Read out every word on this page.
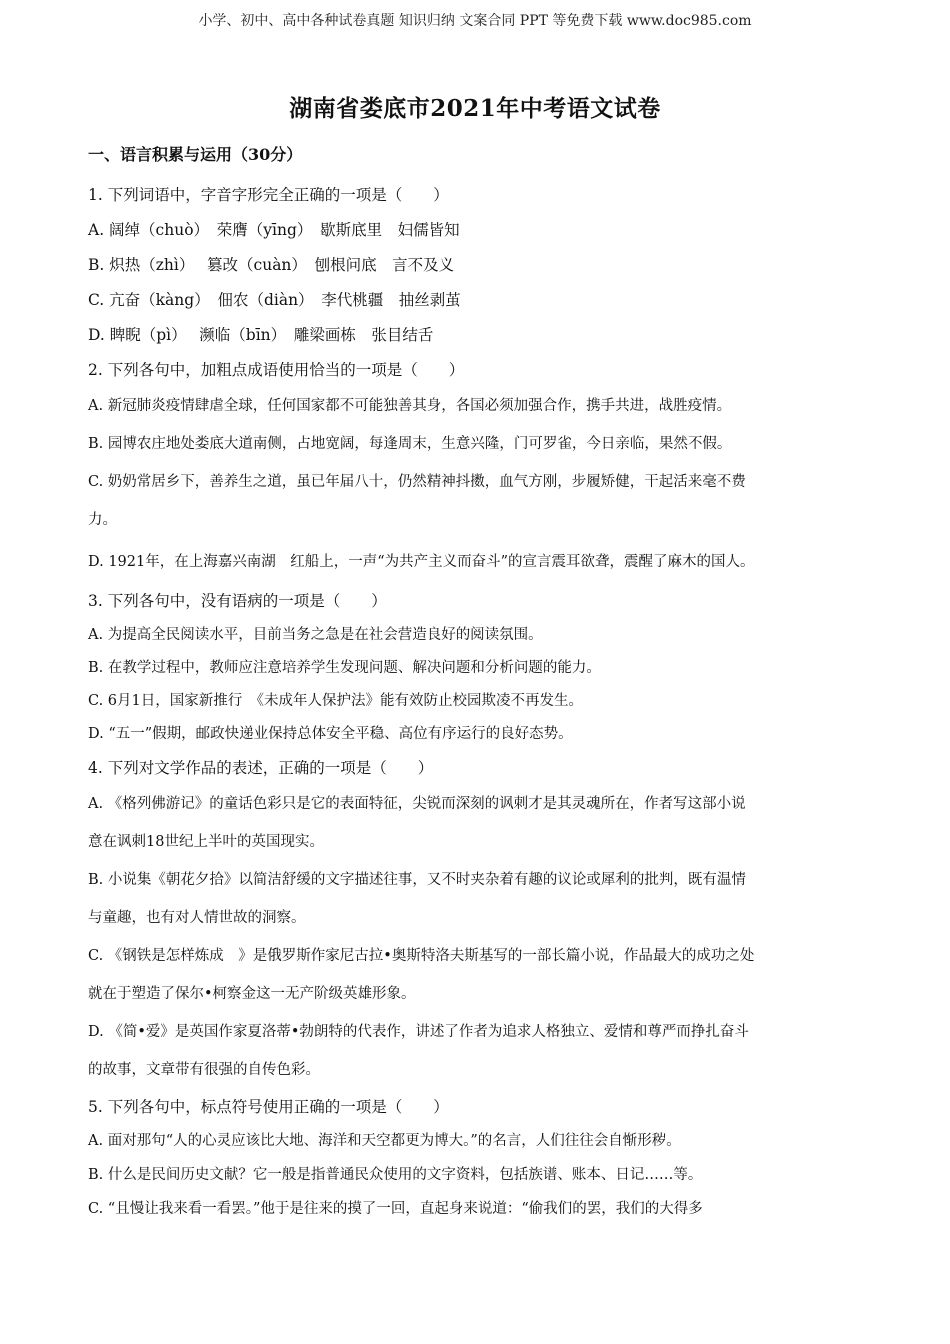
小学、初中、高中各种试卷真题 知识归纳 文案合同 PPT 等免费下载 www.doc985.com
湖南省娄底市2021年中考语文试卷
一、语言积累与运用（30分）
1. 下列词语中，字音字形完全正确的一项是（　　）
A. 阔绰（chuò）　荣膺（yīng）　歇斯底里　妇儒皆知
B. 炽热（zhì）　 篡改（cuàn）　刨根问底　言不及义
C. 亢奋（kàng）　佃农（diàn）　李代桃疆　抽丝剥茧
D. 睥睨（pì）　 濒临（bīn）　雕梁画栋　张目结舌
2. 下列各句中，加粗点成语使用恰当的一项是（　　）
A. 新冠肺炎疫情肆虐全球，任何国家都不可能独善其身，各国必须加强合作，携手共进，战胜疫情。
B. 园博农庄地处娄底大道南侧，占地宽阔，每逢周末，生意兴隆，门可罗雀，今日亲临，果然不假。
C. 奶奶常居乡下，善养生之道，虽已年届八十，仍然精神抖擞，血气方刚，步履矫健，干起活来毫不费
力。
D. 1921年，在上海嘉兴南湖　红船上，一声“为共产主义而奋斗”的宣言震耳欲聋，震醒了麻木的国人。
3. 下列各句中，没有语病的一项是（　　）
A. 为提高全民阅读水平，目前当务之急是在社会营造良好的阅读氛围。
B. 在教学过程中，教师应注意培养学生发现问题、解决问题和分析问题的能力。
C. 6月1日，国家新推行　《未成年人保护法》能有效防止校园欺凌不再发生。
D. “五一”假期，邮政快递业保持总体安全平稳、高位有序运行的良好态势。
4. 下列对文学作品的表述，正确的一项是（　　）
A. 《格列佛游记》的童话色彩只是它的表面特征，尖锐而深刻的讽刺才是其灵魂所在，作者写这部小说
意在讽刺18世纪上半叶的英国现实。
B. 小说集《朝花夕拾》以简洁舒缓的文字描述往事，又不时夹杂着有趣的议论或犀利的批判，既有温情
与童趣，也有对人情世故的洞察。
C. 《钢铁是怎样炼成　》是俄罗斯作家尼古拉•奥斯特洛夫斯基写的一部长篇小说，作品最大的成功之处
就在于塑造了保尔•柯察金这一无产阶级英雄形象。
D. 《简•爱》是英国作家夏洛蒂•勃朗特的代表作，讲述了作者为追求人格独立、爱情和尊严而挣扎奋斗
的故事，文章带有很强的自传色彩。
5. 下列各句中，标点符号使用正确的一项是（　　）
A. 面对那句“人的心灵应该比大地、海洋和天空都更为博大。”的名言，人们往往会自惭形秽。
B. 什么是民间历史文献？它一般是指普通民众使用的文字资料，包括族谱、账本、日记……等。
C. “且慢让我来看一看罢。”他于是往来的摸了一回，直起身来说道：“偷我们的罢，我们的大得多
